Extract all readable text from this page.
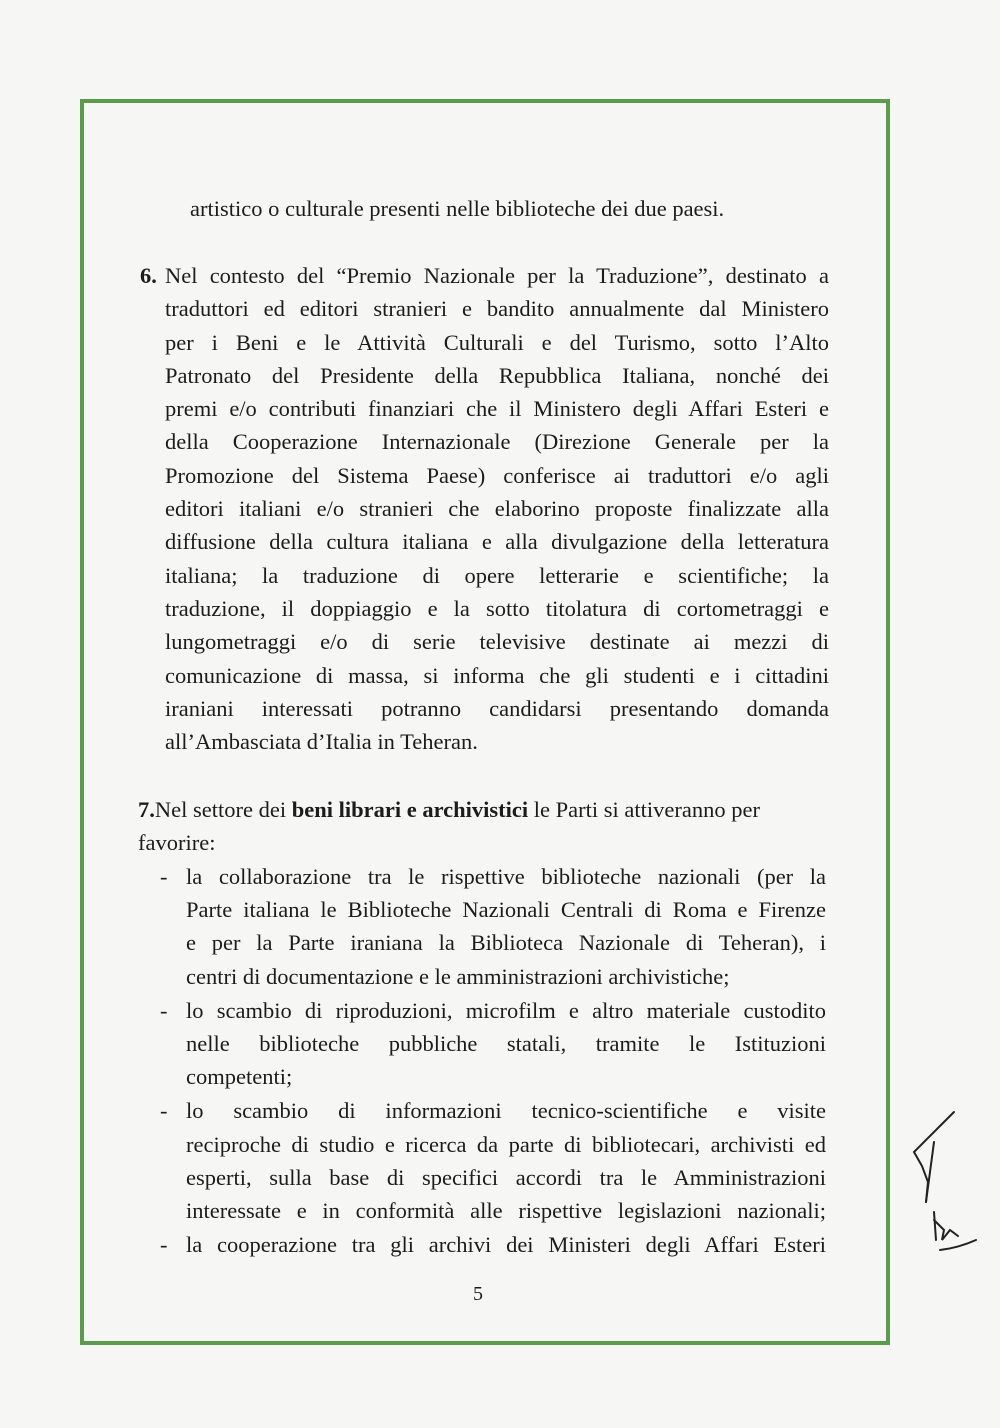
artistico o culturale presenti nelle biblioteche dei due paesi.
6. Nel contesto del “Premio Nazionale per la Traduzione”, destinato a
traduttori ed editori stranieri e bandito annualmente dal Ministero
per i Beni e le Attività Culturali e del Turismo, sotto l’Alto
Patronato del Presidente della Repubblica Italiana, nonché dei
premi e/o contributi finanziari che il Ministero degli Affari Esteri e
della Cooperazione Internazionale (Direzione Generale per la
Promozione del Sistema Paese) conferisce ai traduttori e/o agli
editori italiani e/o stranieri che elaborino proposte finalizzate alla
diffusione della cultura italiana e alla divulgazione della letteratura
italiana; la traduzione di opere letterarie e scientifiche; la
traduzione, il doppiaggio e la sotto titolatura di cortometraggi e
lungometraggi e/o di serie televisive destinate ai mezzi di
comunicazione di massa, si informa che gli studenti e i cittadini
iraniani interessati potranno candidarsi presentando domanda
all’Ambasciata d’Italia in Teheran.
7.Nel settore dei beni librari e archivistici le Parti si attiveranno per
favorire:
- la collaborazione tra le rispettive biblioteche nazionali (per la
Parte italiana le Biblioteche Nazionali Centrali di Roma e Firenze
e per la Parte iraniana la Biblioteca Nazionale di Teheran), i
centri di documentazione e le amministrazioni archivistiche;
- lo scambio di riproduzioni, microfilm e altro materiale custodito
nelle biblioteche pubbliche statali, tramite le Istituzioni
competenti;
- lo scambio di informazioni tecnico-scientifiche e visite
reciproche di studio e ricerca da parte di bibliotecari, archivisti ed
esperti, sulla base di specifici accordi tra le Amministrazioni
interessate e in conformità alle rispettive legislazioni nazionali;
- la cooperazione tra gli archivi dei Ministeri degli Affari Esteri
5
